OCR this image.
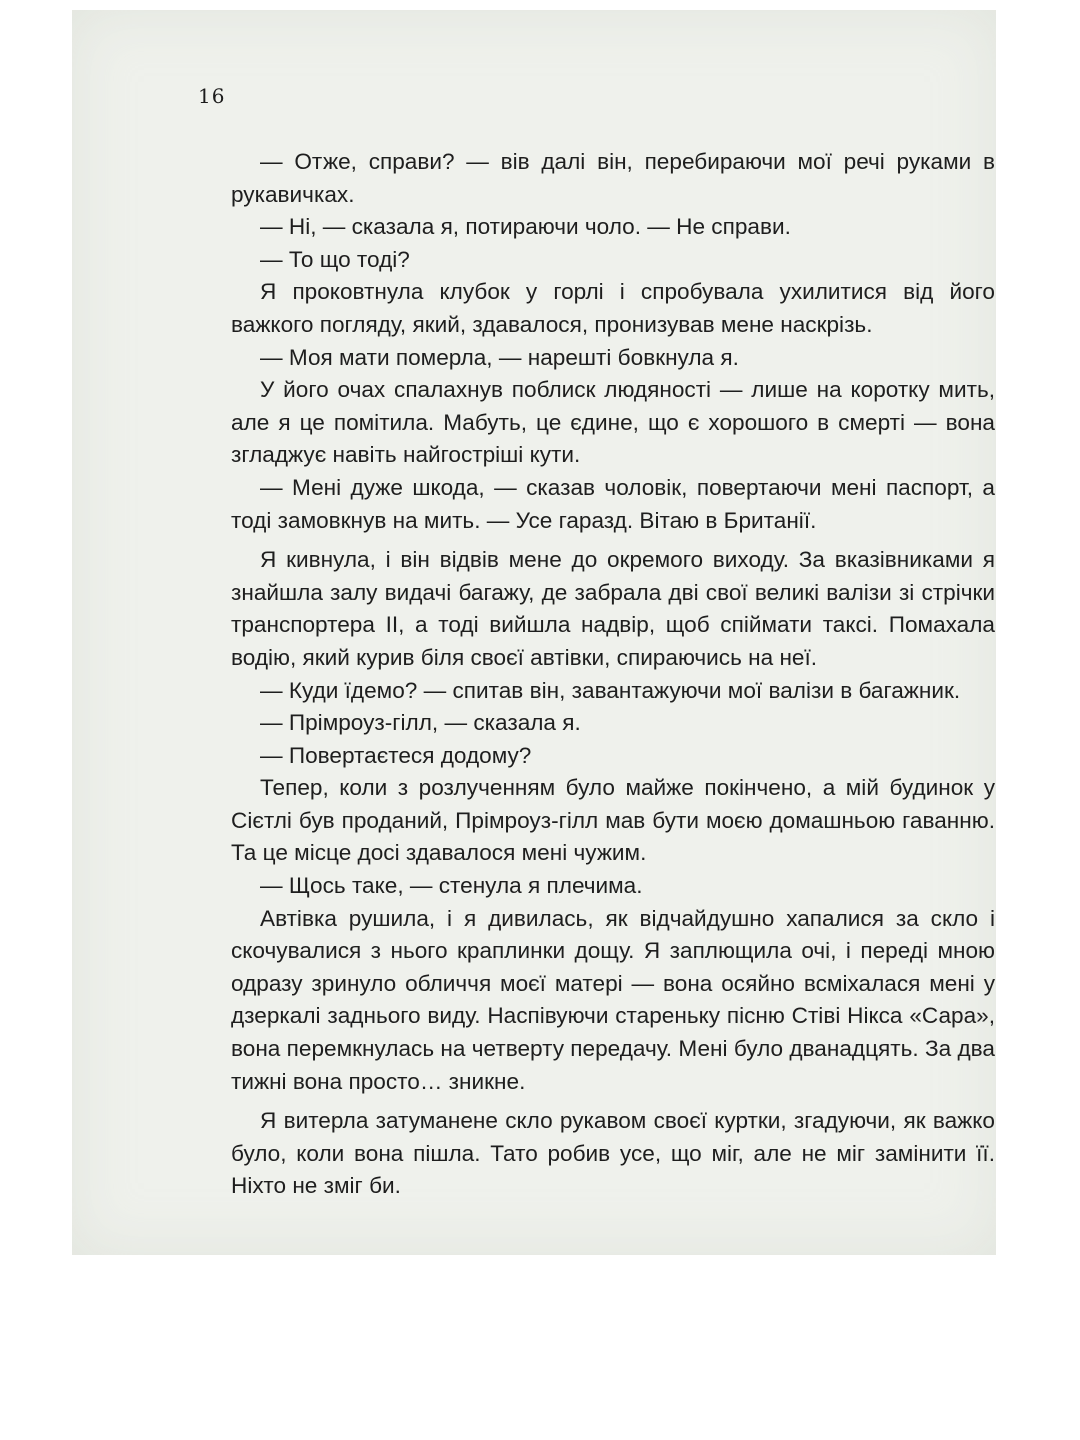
16

— Отже, справи? — вів далі він, перебираючи мої речі руками в рукавичках.

— Ні, — сказала я, потираючи чоло. — Не справи.

— То що тоді?

Я проковтнула клубок у горлі і спробувала ухилитися від його важкого погляду, який, здавалося, пронизував мене наскрізь.

— Моя мати померла, — нарешті бовкнула я.

У його очах спалахнув поблиск людяності — лише на коротку мить, але я це помітила. Мабуть, це єдине, що є хорошого в смерті — вона згладжує навіть найгостріші кути.

— Мені дуже шкода, — сказав чоловік, повертаючи мені паспорт, а тоді замовкнув на мить. — Усе гаразд. Вітаю в Британії.

Я кивнула, і він відвів мене до окремого виходу. За вказівниками я знайшла залу видачі багажу, де забрала дві свої великі валізи зі стрічки транспортера II, а тоді вийшла надвір, щоб спіймати таксі. Помахала водію, який курив біля своєї автівки, спираючись на неї.

— Куди їдемо? — спитав він, завантажуючи мої валізи в багажник.

— Прімроуз-гілл, — сказала я.

— Повертаєтеся додому?

Тепер, коли з розлученням було майже покінчено, а мій будинок у Сієтлі був проданий, Прімроуз-гілл мав бути моєю домашньою гаванню. Та це місце досі здавалося мені чужим.

— Щось таке, — стенула я плечима.

Автівка рушила, і я дивилась, як відчайдушно хапалися за скло і скочувалися з нього краплинки дощу. Я заплющила очі, і переді мною одразу зринуло обличчя моєї матері — вона осяйно всміхалася мені у дзеркалі заднього виду. Наспівуючи старeньку пісню Стіві Нікса «Сара», вона перемкнулась на четверту передачу. Мені було дванадцять. За два тижні вона просто… зникне.

Я витерла затуманене скло рукавом своєї куртки, згадуючи, як важко було, коли вона пішла. Тато робив усе, що міг, але не міг замінити її. Ніхто не зміг би.
